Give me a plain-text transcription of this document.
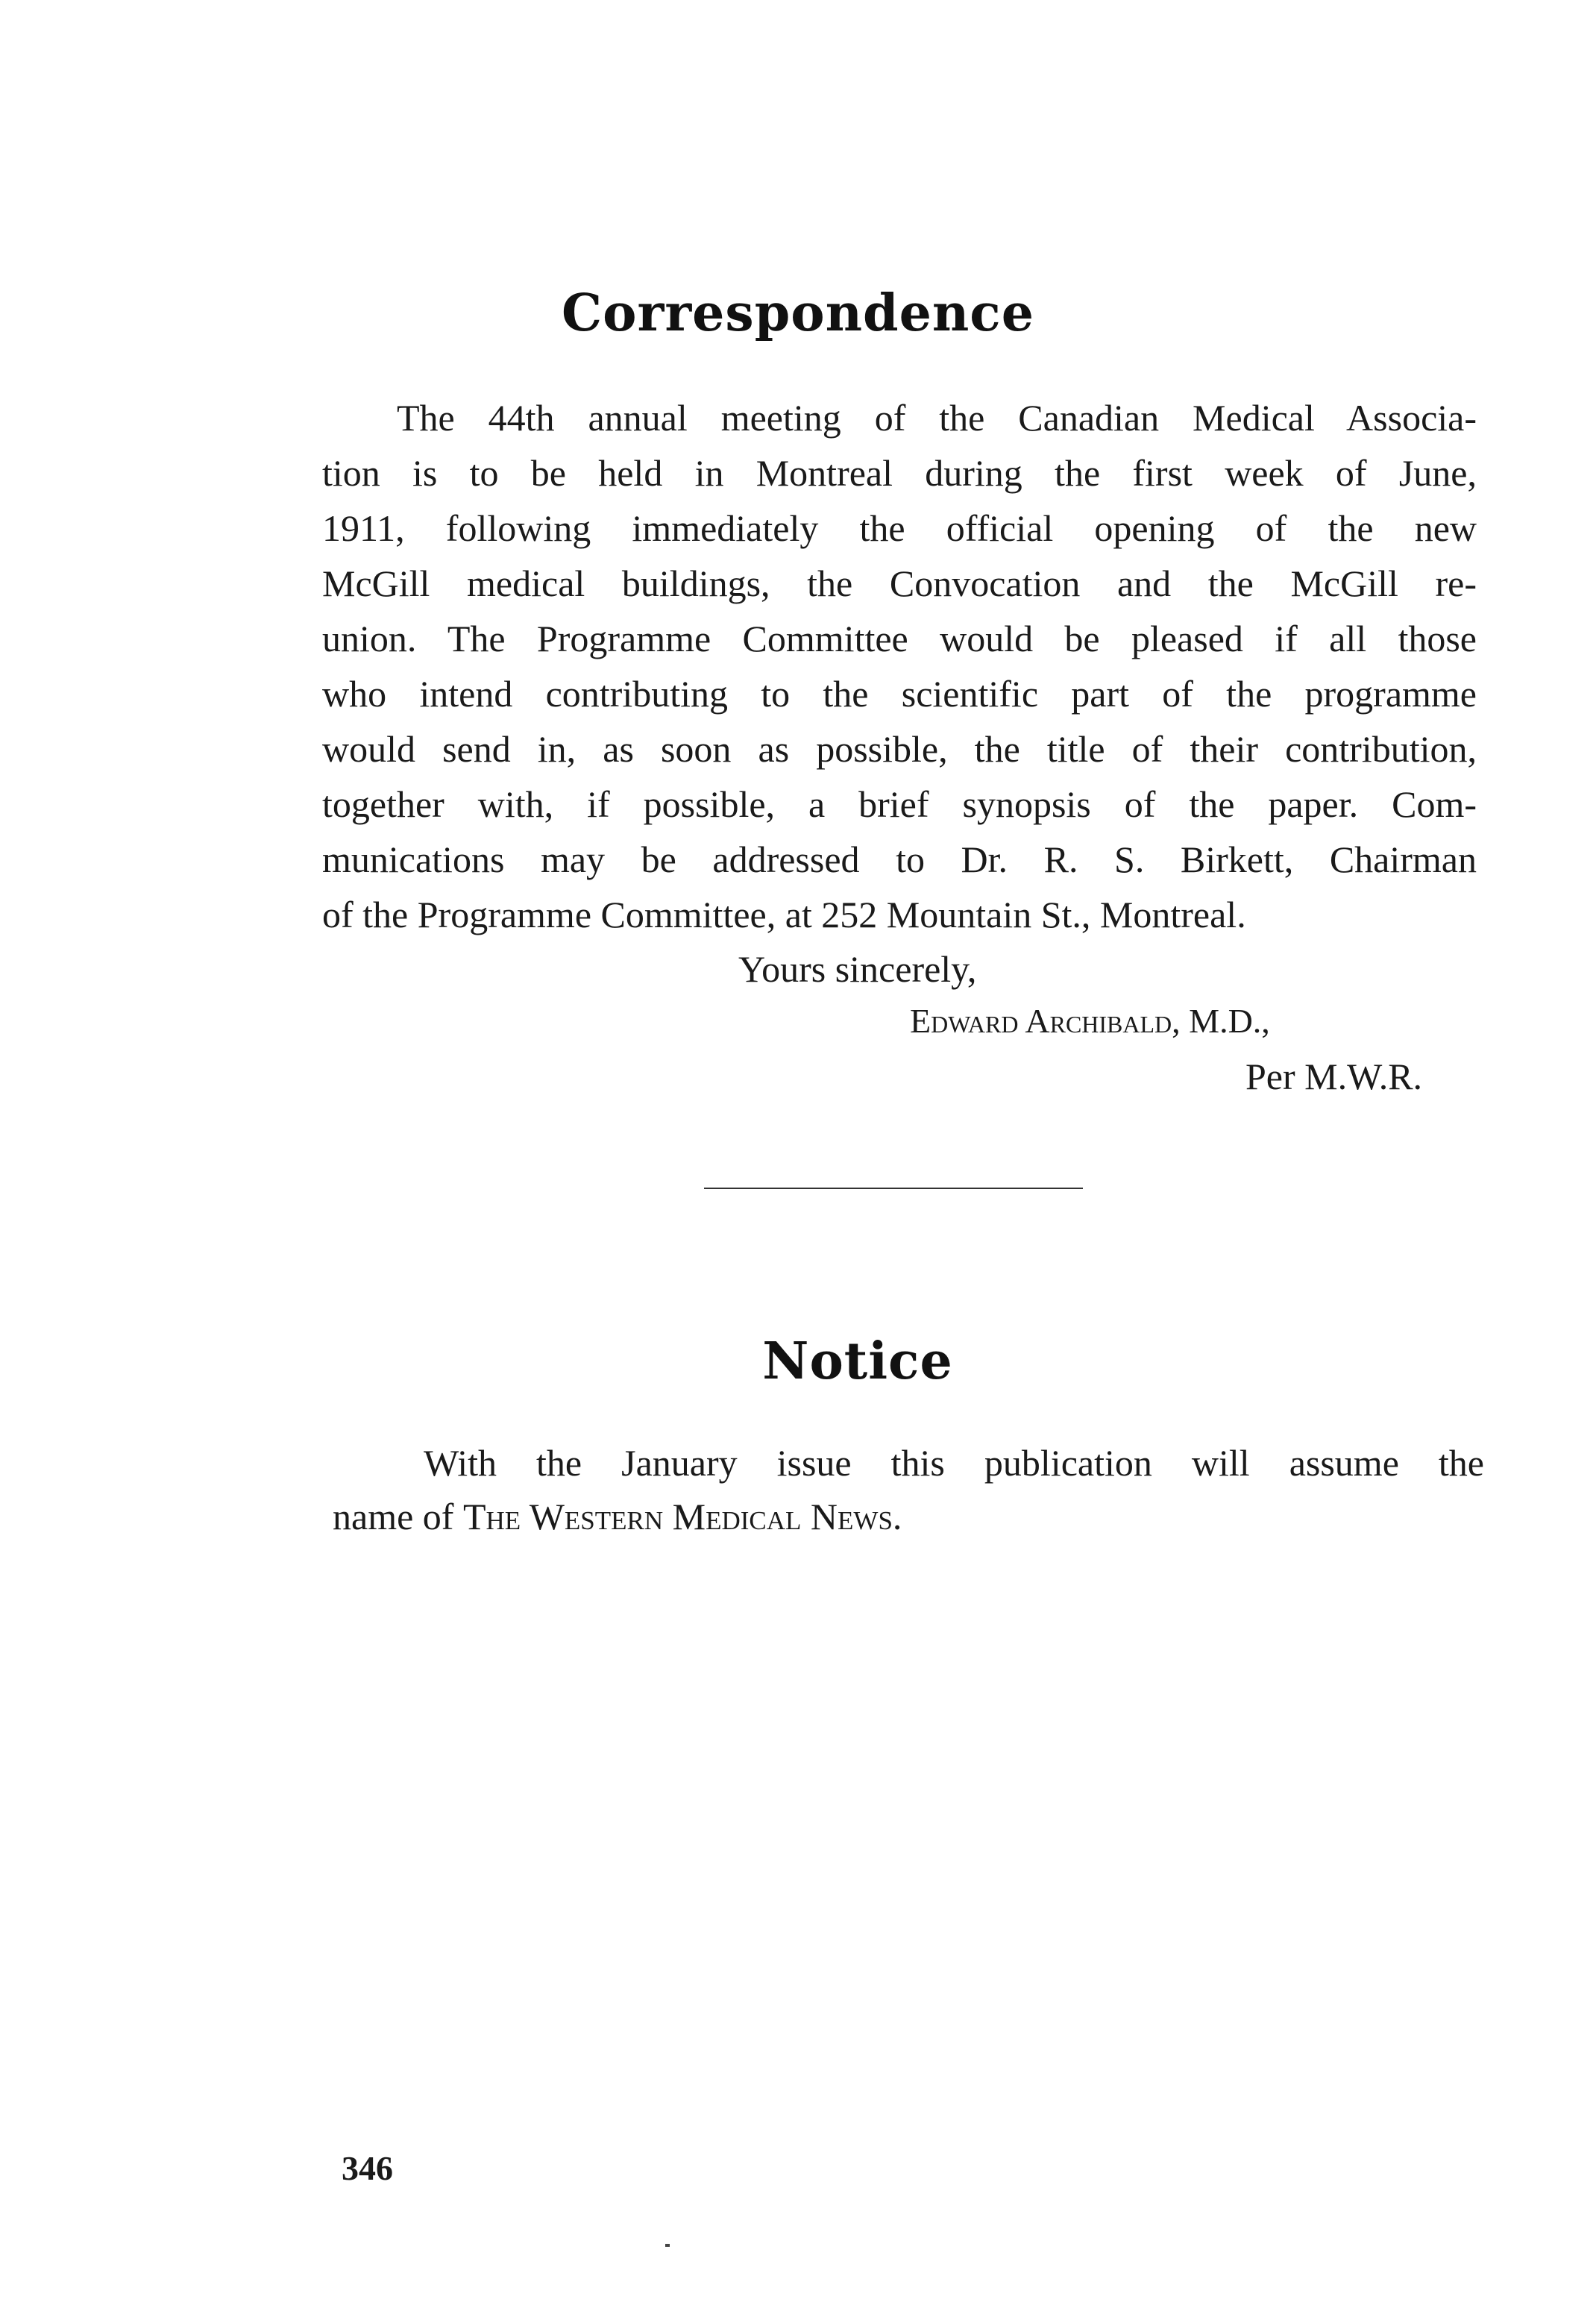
Correspondence
The 44th annual meeting of the Canadian Medical Associa-
tion is to be held in Montreal during the first week of June,
1911, following immediately the official opening of the new
McGill medical buildings, the Convocation and the McGill re-
union. The Programme Committee would be pleased if all those
who intend contributing to the scientific part of the programme
would send in, as soon as possible, the title of their contribution,
together with, if possible, a brief synopsis of the paper. Com-
munications may be addressed to Dr. R. S. Birkett, Chairman
of the Programme Committee, at 252 Mountain St., Montreal.
Yours sincerely,
Edward Archibald, M.D.,
Per M.W.R.
Notice
With the January issue this publication will assume the
name of The Western Medical News.
346
